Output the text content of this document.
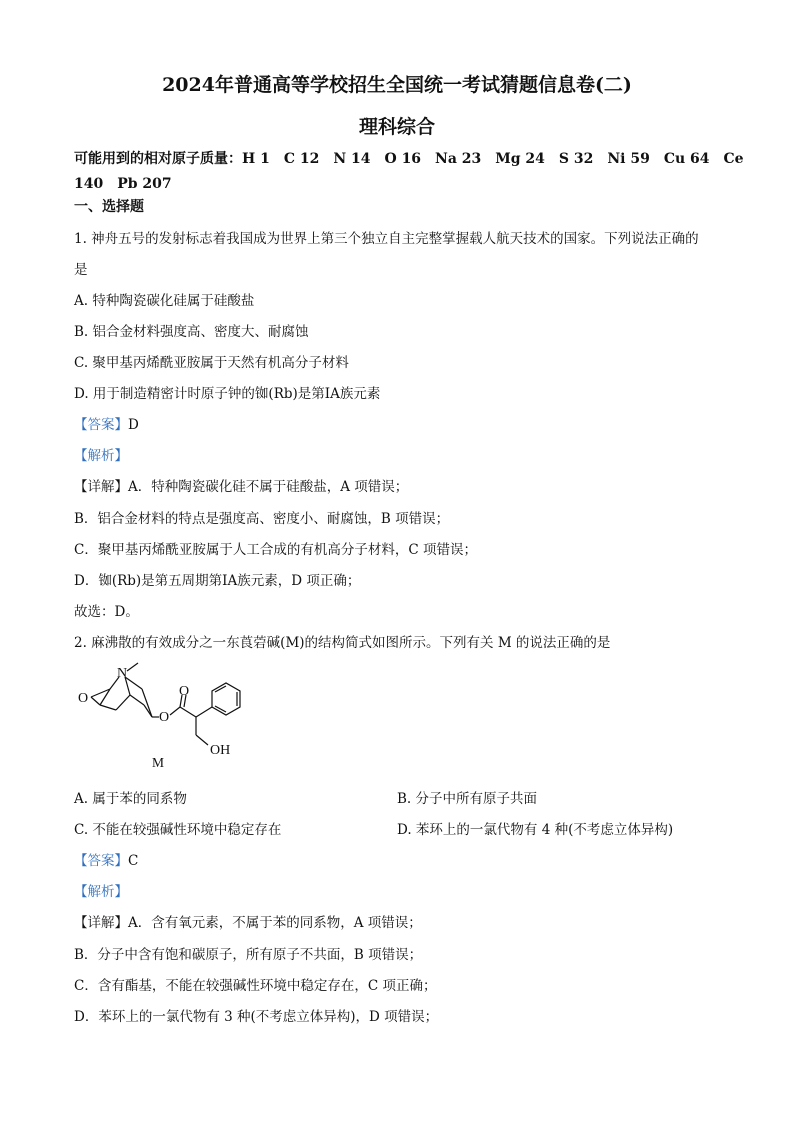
2024年普通高等学校招生全国统一考试猜题信息卷(二)
理科综合
可能用到的相对原子质量：H 1　C 12　N 14　O 16　Na 23　Mg 24　S 32　Ni 59　Cu 64　Ce
140　Pb 207
一、选择题
1. 神舟五号的发射标志着我国成为世界上第三个独立自主完整掌握载人航天技术的国家。下列说法正确的
是
A. 特种陶瓷碳化硅属于硅酸盐
B. 铝合金材料强度高、密度大、耐腐蚀
C. 聚甲基丙烯酰亚胺属于天然有机高分子材料
D. 用于制造精密计时原子钟的铷(Rb)是第ⅠA族元素
【答案】D
【解析】
【详解】A．特种陶瓷碳化硅不属于硅酸盐，A 项错误；
B．铝合金材料的特点是强度高、密度小、耐腐蚀，B 项错误；
C．聚甲基丙烯酰亚胺属于人工合成的有机高分子材料，C 项错误；
D．铷(Rb)是第五周期第ⅠA族元素，D 项正确；
故选：D。
2. 麻沸散的有效成分之一东莨菪碱(M)的结构简式如图所示。下列有关 M 的说法正确的是
N
O
O
O
OH
M
A. 属于苯的同系物	B. 分子中所有原子共面
C. 不能在较强碱性环境中稳定存在	D. 苯环上的一氯代物有 4 种(不考虑立体异构)
【答案】C
【解析】
【详解】A．含有氧元素，不属于苯的同系物，A 项错误；
B．分子中含有饱和碳原子，所有原子不共面，B 项错误；
C．含有酯基，不能在较强碱性环境中稳定存在，C 项正确；
D．苯环上的一氯代物有 3 种(不考虑立体异构)，D 项错误；
